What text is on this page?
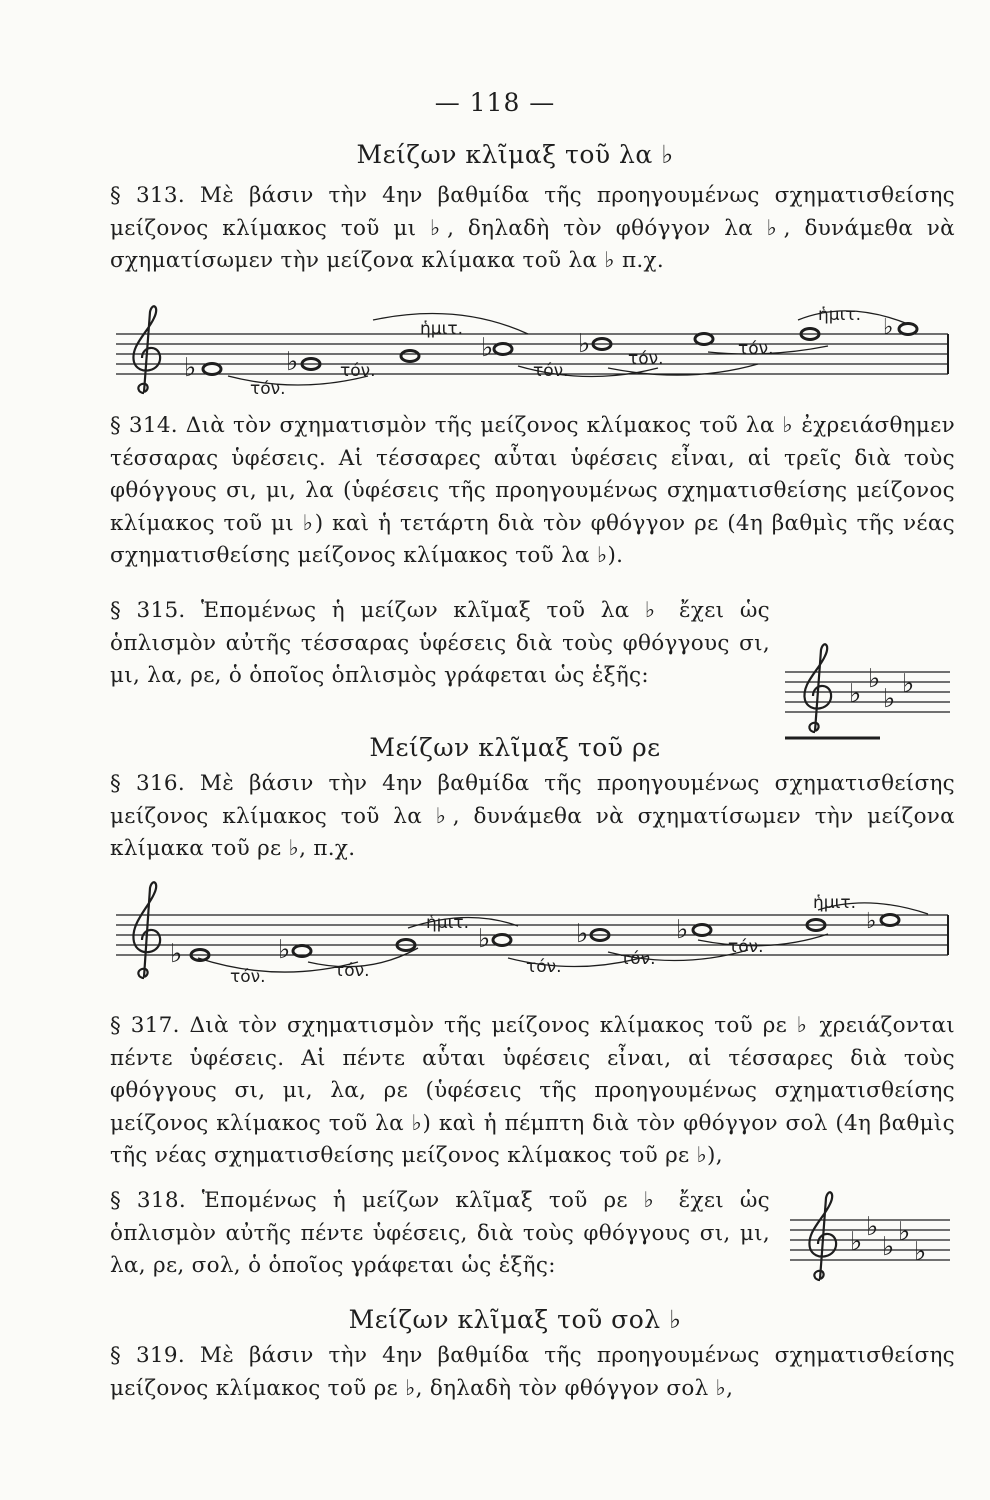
— 118 —
Μείζων κλῖμαξ τοῦ λα ♭
§ 313. Μὲ βάσιν τὴν 4ην βαθμίδα τῆς προηγουμένως σχηματισθείσης μείζονος κλίμακος τοῦ μι ♭, δηλαδὴ τὸν φθόγγον λα ♭, δυνάμεθα νὰ σχηματίσωμεν τὴν μείζονα κλίμακα τοῦ λα ♭ π.χ.
♭	♭	♭	♭
♭
τόν.
τόν.
ἡμιτ.
τόν.
τόν.	τόν.
ἡμιτ.
§ 314. Διὰ τὸν σχηματισμὸν τῆς μείζονος κλίμακος τοῦ λα ♭ ἐχρειάσθημεν τέσσαρας ὑφέσεις. Αἱ τέσσαρες αὗται ὑφέσεις εἶναι, αἱ τρεῖς διὰ τοὺς φθόγγους σι, μι, λα (ὑφέσεις τῆς προηγουμένως σχηματισθείσης μείζονος κλίμακος τοῦ μι ♭) καὶ ἡ τετάρτη διὰ τὸν φθόγγον ρε (4η βαθμὶς τῆς νέας σχηματισθείσης μείζονος κλίμακος τοῦ λα ♭).
§ 315. Ἑπομένως ἡ μείζων κλῖμαξ τοῦ λα ♭ ἔχει ὡς ὁπλισμὸν αὐτῆς τέσσαρας ὑφέσεις διὰ τοὺς φθόγγους σι, μι, λα, ρε, ὁ ὁποῖος ὁπλισμὸς γράφεται ὡς ἑξῆς:
♭ ♭
♭ ♭
Μείζων κλῖμαξ τοῦ ρε
§ 316. Μὲ βάσιν τὴν 4ην βαθμίδα τῆς προηγουμένως σχηματισθείσης μείζονος κλίμακος τοῦ λα ♭, δυνάμεθα νὰ σχηματίσωμεν τὴν μείζονα κλίμακα τοῦ ρε ♭, π.χ.
♭	♭	♭	♭	♭	♭
τόν.	τόν.
ἡμιτ.
τόν.	τόν.
τόν.
ἡμιτ.
§ 317. Διὰ τὸν σχηματισμὸν τῆς μείζονος κλίμακος τοῦ ρε ♭ χρειάζονται πέντε ὑφέσεις. Αἱ πέντε αὗται ὑφέσεις εἶναι, αἱ τέσσαρες διὰ τοὺς φθόγγους σι, μι, λα, ρε (ὑφέσεις τῆς προηγουμένως σχηματισθείσης μείζονος κλίμακος τοῦ λα ♭) καὶ ἡ πέμπτη διὰ τὸν φθόγγον σολ (4η βαθμὶς τῆς νέας σχηματισθείσης μείζονος κλίμακος τοῦ ρε ♭),
§ 318. Ἑπομένως ἡ μείζων κλῖμαξ τοῦ ρε ♭ ἔχει ὡς ὁπλισμὸν αὐτῆς πέντε ὑφέσεις, διὰ τοὺς φθόγγους σι, μι, λα, ρε, σολ, ὁ ὁποῖος γράφεται ὡς ἑξῆς:
♭ ♭
♭ ♭
♭
Μείζων κλῖμαξ τοῦ σολ ♭
§ 319. Μὲ βάσιν τὴν 4ην βαθμίδα τῆς προηγουμένως σχηματισθείσης μείζονος κλίμακος τοῦ ρε ♭, δηλαδὴ τὸν φθόγγον σολ ♭,
